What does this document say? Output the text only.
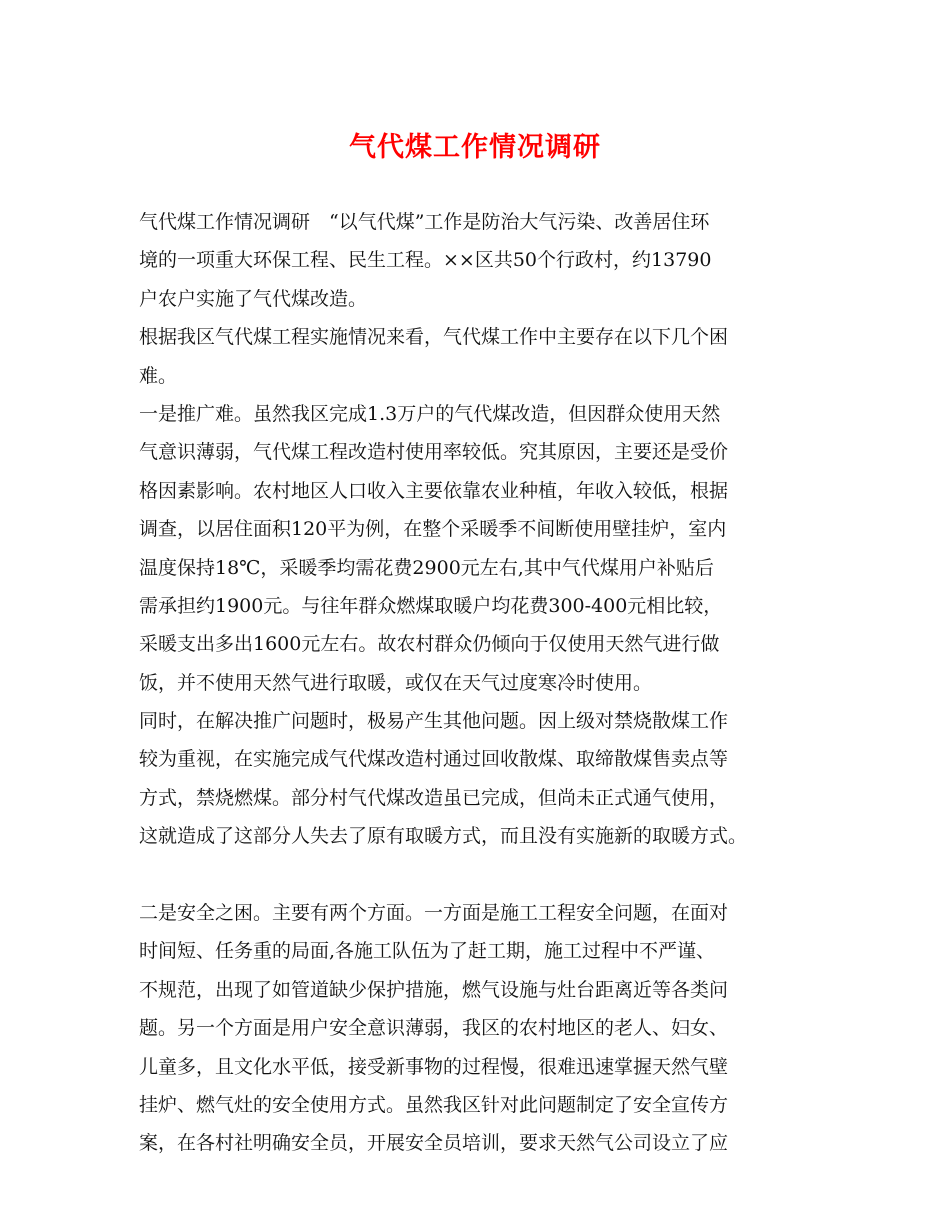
气代煤工作情况调研
气代煤工作情况调研　“以气代煤”工作是防治大气污染、改善居住环
境的一项重大环保工程、民生工程。××区共50个行政村，约13790
户农户实施了气代煤改造。
根据我区气代煤工程实施情况来看，气代煤工作中主要存在以下几个困
难。
一是推广难。虽然我区完成1.3万户的气代煤改造，但因群众使用天然
气意识薄弱，气代煤工程改造村使用率较低。究其原因，主要还是受价
格因素影响。农村地区人口收入主要依靠农业种植，年收入较低，根据
调查，以居住面积120平为例，在整个采暖季不间断使用壁挂炉，室内
温度保持18℃，采暖季均需花费2900元左右,其中气代煤用户补贴后
需承担约1900元。与往年群众燃煤取暖户均花费300-400元相比较，
采暖支出多出1600元左右。故农村群众仍倾向于仅使用天然气进行做
饭，并不使用天然气进行取暖，或仅在天气过度寒冷时使用。
同时，在解决推广问题时，极易产生其他问题。因上级对禁烧散煤工作
较为重视，在实施完成气代煤改造村通过回收散煤、取缔散煤售卖点等
方式，禁烧燃煤。部分村气代煤改造虽已完成，但尚未正式通气使用，
这就造成了这部分人失去了原有取暖方式，而且没有实施新的取暖方式。
二是安全之困。主要有两个方面。一方面是施工工程安全问题，在面对
时间短、任务重的局面,各施工队伍为了赶工期，施工过程中不严谨、
不规范，出现了如管道缺少保护措施，燃气设施与灶台距离近等各类问
题。另一个方面是用户安全意识薄弱，我区的农村地区的老人、妇女、
儿童多，且文化水平低，接受新事物的过程慢，很难迅速掌握天然气壁
挂炉、燃气灶的安全使用方式。虽然我区针对此问题制定了安全宣传方
案，在各村社明确安全员，开展安全员培训，要求天然气公司设立了应
